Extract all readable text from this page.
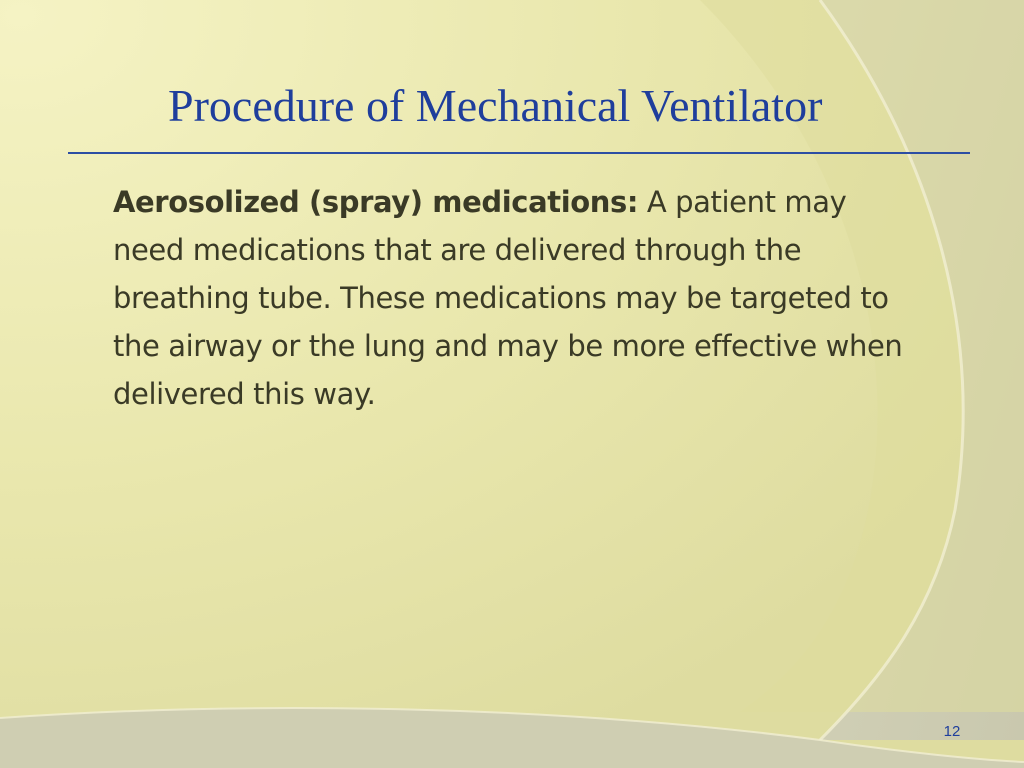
Procedure of Mechanical Ventilator

Aerosolized (spray) medications: A patient may need medications that are delivered through the breathing tube. These medications may be targeted to the airway or the lung and may be more effective when delivered this way.

12
